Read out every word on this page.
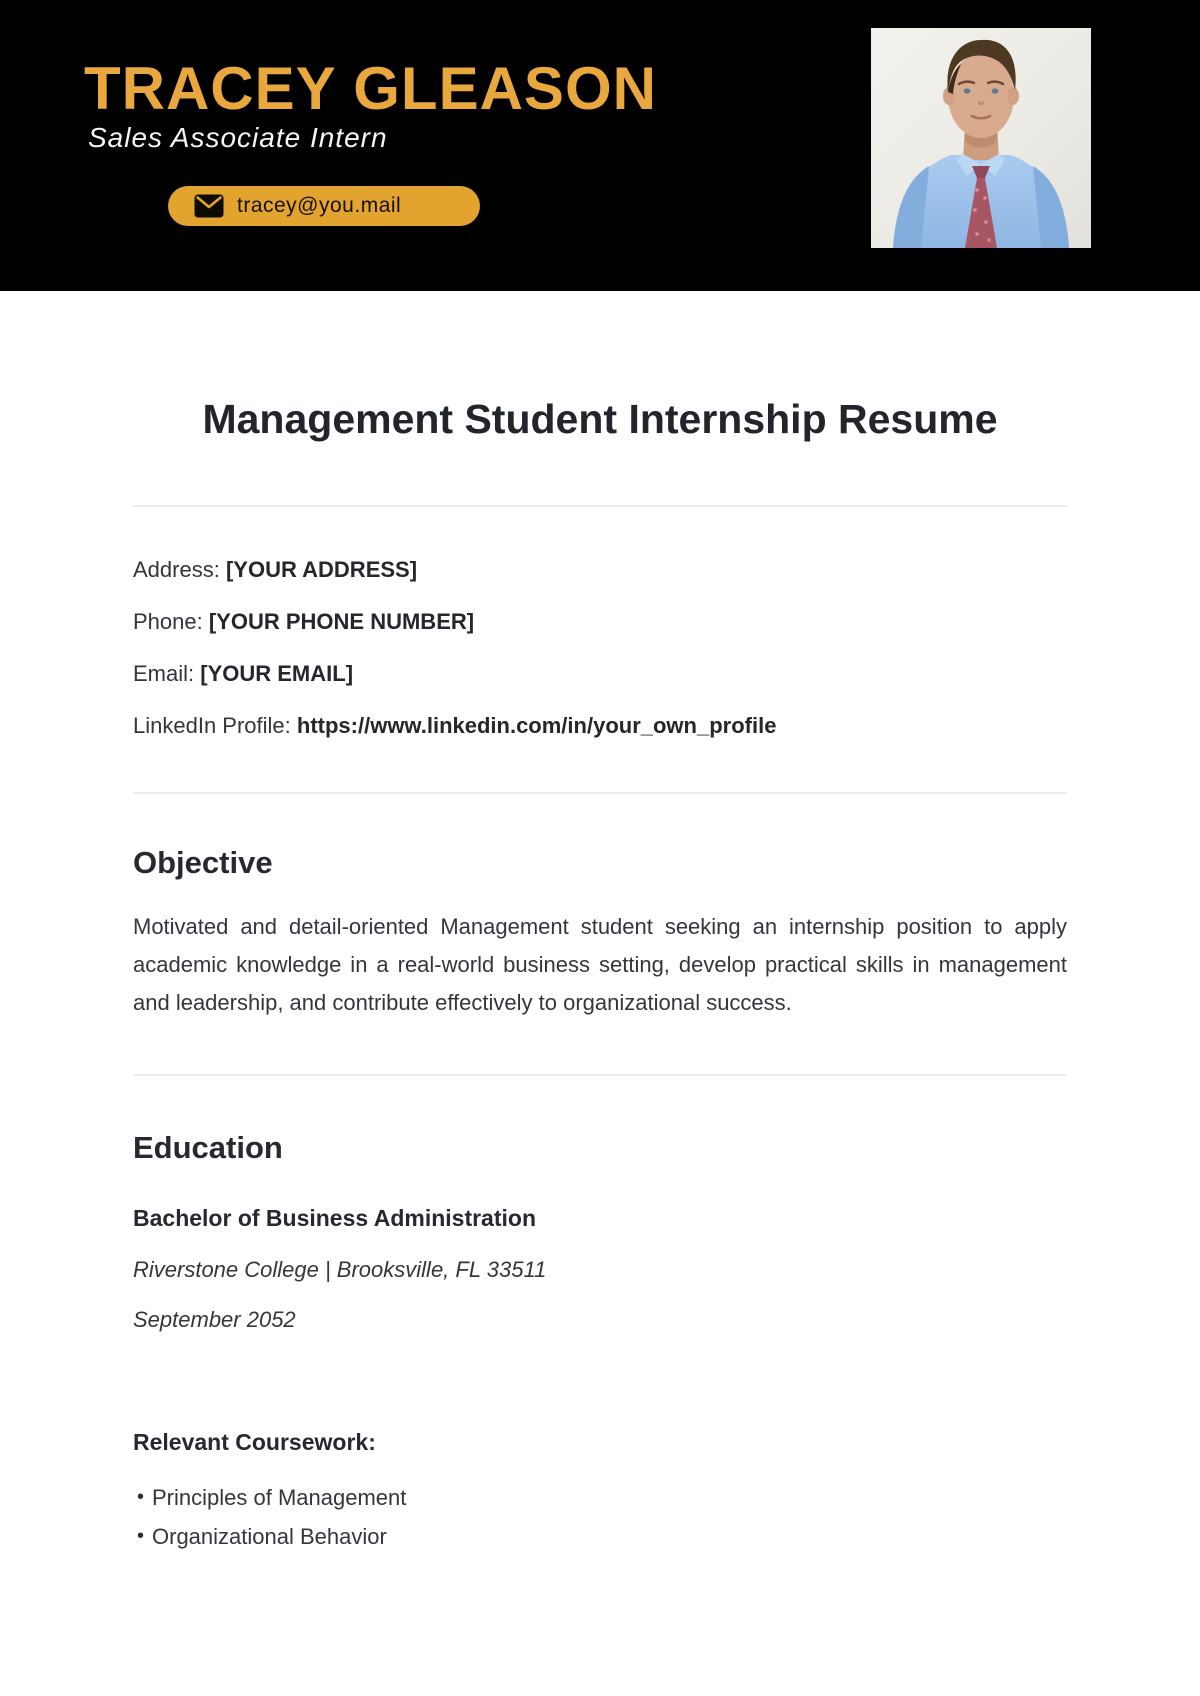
TRACEY GLEASON
Sales Associate Intern
tracey@you.mail
Management Student Internship Resume
Address: [YOUR ADDRESS]
Phone: [YOUR PHONE NUMBER]
Email: [YOUR EMAIL]
LinkedIn Profile: https://www.linkedin.com/in/your_own_profile
Objective

Motivated and detail-oriented Management student seeking an internship position to apply academic knowledge in a real-world business setting, develop practical skills in management and leadership, and contribute effectively to organizational success.

Education
Bachelor of Business Administration

Riverstone College | Brooksville, FL 33511

September 2052

Relevant Coursework:
• Principles of Management
• Organizational Behavior
